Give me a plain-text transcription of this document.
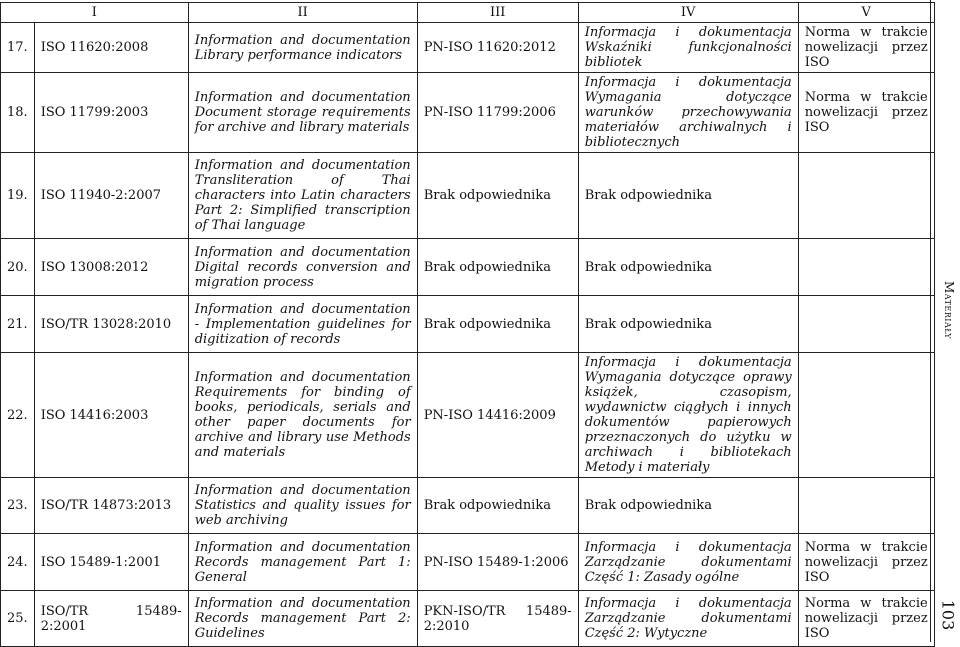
I		II	III	IV	V
17.	ISO 11620:2008	Information and documentation Library performance indicators	PN-ISO 11620:2012	Informacja i dokumentacja Wskaźniki funkcjonalności bibliotek	Norma w trakcie nowelizacji przez ISO
18.	ISO 11799:2003	Information and documentation Document storage requirements for archive and library materials	PN-ISO 11799:2006	Informacja i dokumentacja Wymagania dotyczące warunków przechowywania materiałów archiwalnych i bibliotecznych	Norma w trakcie nowelizacji przez ISO
19.	ISO 11940-2:2007	Information and documentation Transliteration of Thai characters into Latin characters Part 2: Simplified transcription of Thai language	Brak odpowiednika	Brak odpowiednika	
20.	ISO 13008:2012	Information and documentation Digital records conversion and migration process	Brak odpowiednika	Brak odpowiednika	
21.	ISO/TR 13028:2010	Information and documentation - Implementation guidelines for digitization of records	Brak odpowiednika	Brak odpowiednika	
22.	ISO 14416:2003	Information and documentation Requirements for binding of books, periodicals, serials and other paper documents for archive and library use Methods and materials	PN-ISO 14416:2009	Informacja i dokumentacja Wymagania dotyczące oprawy książek, czasopism, wydawnictw ciągłych i innych dokumentów papierowych przeznaczonych do użytku w archiwach i bibliotekach Metody i materiały	
23.	ISO/TR 14873:2013	Information and documentation Statistics and quality issues for web archiving	Brak odpowiednika	Brak odpowiednika	
24.	ISO 15489-1:2001	Information and documentation Records management Part 1: General	PN-ISO 15489-1:2006	Informacja i dokumentacja Zarządzanie dokumentami Część 1: Zasady ogólne	Norma w trakcie nowelizacji przez ISO
25.	ISO/TR 15489-2:2001	Information and documentation Records management Part 2: Guidelines	PKN-ISO/TR 15489-2:2010	Informacja i dokumentacja Zarządzanie dokumentami Część 2: Wytyczne	Norma w trakcie nowelizacji przez ISO
Materiały
103
